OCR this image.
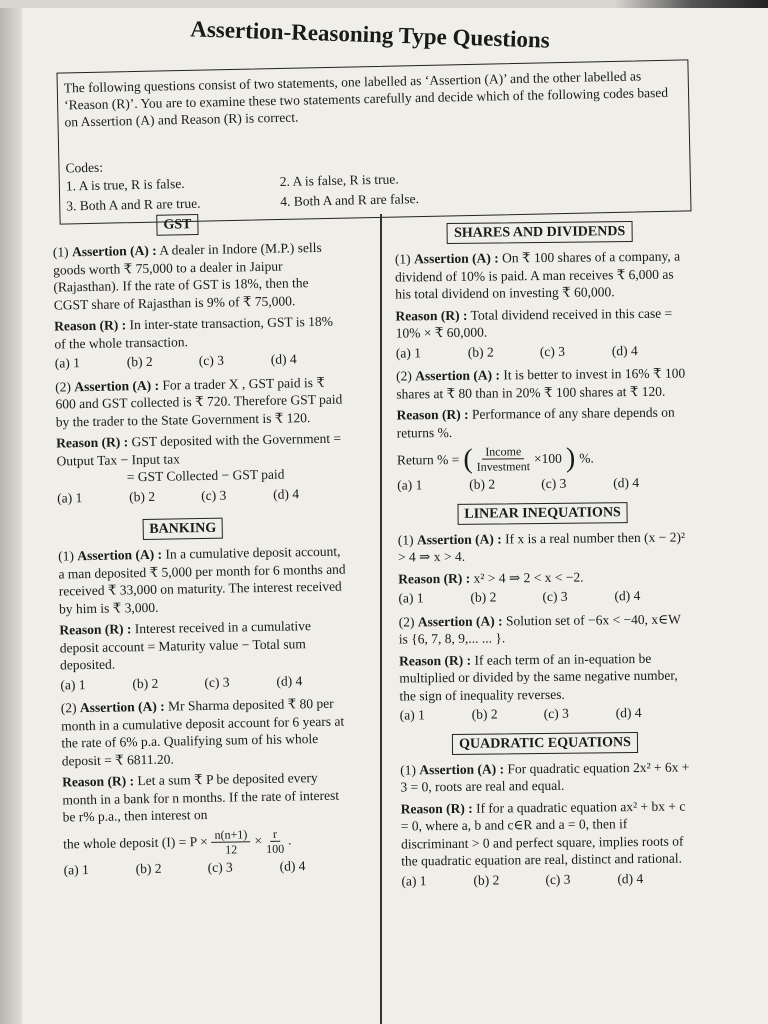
Assertion-Reasoning Type Questions
The following questions consist of two statements, one labelled as ‘Assertion (A)’ and the other labelled as ‘Reason (R)’. You are to examine these two statements carefully and decide which of the following codes based on Assertion (A) and Reason (R) is correct.
Codes:
1. A is true, R is false.	2. A is false, R is true.
3. Both A and R are true.	4. Both A and R are false.
GST

(1) Assertion (A) : A dealer in Indore (M.P.) sells goods worth ₹ 75,000 to a dealer in Jaipur (Rajasthan). If the rate of GST is 18%, then the CGST share of Rajasthan is 9% of ₹ 75,000.

Reason (R) : In inter-state transaction, GST is 18% of the whole transaction.

(a) 1	(b) 2	(c) 3	(d) 4

(2) Assertion (A) : For a trader X , GST paid is ₹ 600 and GST collected is ₹ 720. Therefore GST paid by the trader to the State Government is ₹ 120.

Reason (R) : GST deposited with the Government = Output Tax − Input tax

= GST Collected − GST paid

(a) 1	(b) 2	(c) 3	(d) 4
BANKING

(1) Assertion (A) : In a cumulative deposit account, a man deposited ₹ 5,000 per month for 6 months and received ₹ 33,000 on maturity. The interest received by him is ₹ 3,000.

Reason (R) : Interest received in a cumulative deposit account = Maturity value − Total sum deposited.

(a) 1	(b) 2	(c) 3	(d) 4

(2) Assertion (A) : Mr Sharma deposited ₹ 80 per month in a cumulative deposit account for 6 years at the rate of 6% p.a. Qualifying sum of his whole deposit = ₹ 6811.20.

Reason (R) : Let a sum ₹ P be deposited every month in a bank for n months. If the rate of interest be r% p.a., then interest on

the whole deposit $(I) = P \times \frac{n(n+1)}{12} \times \frac{r}{100}$ .
(a) 1	(b) 2	(c) 3	(d) 4
SHARES AND DIVIDENDS

(1) Assertion (A) : On ₹ 100 shares of a company, a dividend of 10% is paid. A man receives ₹ 6,000 as his total dividend on investing ₹ 60,000.

Reason (R) : Total dividend received in this case = 10% × ₹ 60,000.

(a) 1	(b) 2	(c) 3	(d) 4

(2) Assertion (A) : It is better to invest in 16% ₹ 100 shares at ₹ 80 than in 20% ₹ 100 shares at ₹ 120.

Reason (R) : Performance of any share depends on returns %.

Return % = ( $\frac{\text{Income}}{\text{Investment}} \times 100$ ) %.
(a) 1	(b) 2	(c) 3	(d) 4
LINEAR INEQUATIONS

(1) Assertion (A) : If x is a real number then (x − 2)² > 4 ⇒ x > 4.

Reason (R) : x² > 4 ⇒ 2 < x < −2.

(a) 1	(b) 2	(c) 3	(d) 4

(2) Assertion (A) : Solution set of −6x < −40, x∈W is {6, 7, 8, 9,... ... }.

Reason (R) : If each term of an in-equation be multiplied or divided by the same negative number, the sign of inequality reverses.

(a) 1	(b) 2	(c) 3	(d) 4
QUADRATIC EQUATIONS

(1) Assertion (A) : For quadratic equation 2x² + 6x + 3 = 0, roots are real and equal.

Reason (R) : If for a quadratic equation ax² + bx + c = 0, where a, b and c∈R and a = 0, then if discriminant > 0 and perfect square, implies roots of the quadratic equation are real, distinct and rational.

(a) 1	(b) 2	(c) 3	(d) 4
